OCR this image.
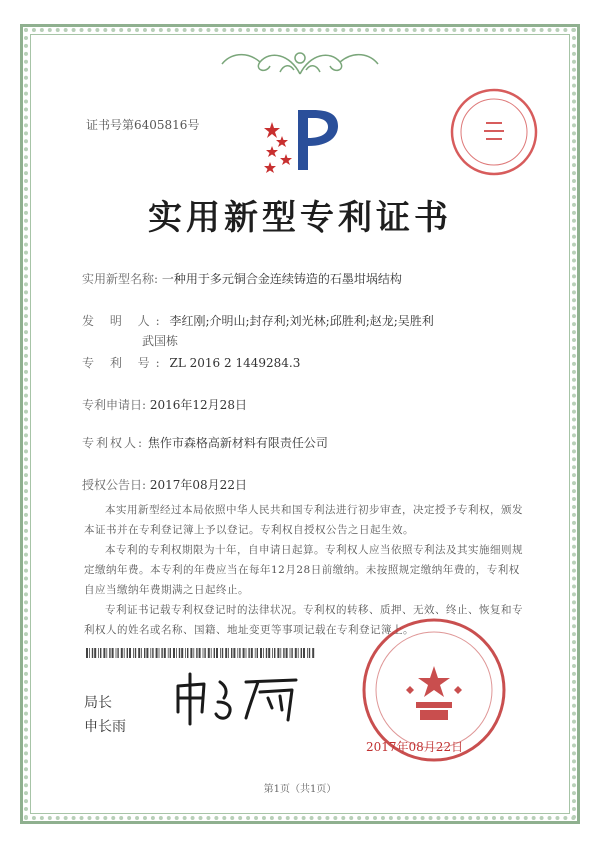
证书号第6405816号
实用新型专利证书
实用新型名称: 一种用于多元铜合金连续铸造的石墨坩埚结构
发 明 人: 李红刚;介明山;封存利;刘光林;邱胜利;赵龙;吴胜利
武国栋
专 利 号: ZL 2016 2 1449284.3
专利申请日: 2016年12月28日
专利权人: 焦作市森格高新材料有限责任公司
授权公告日: 2017年08月22日

本实用新型经过本局依照中华人民共和国专利法进行初步审查，决定授予专利权，颁发本证书并在专利登记簿上予以登记。专利权自授权公告之日起生效。

本专利的专利权期限为十年，自申请日起算。专利权人应当依照专利法及其实施细则规定缴纳年费。本专利的年费应当在每年12月28日前缴纳。未按照规定缴纳年费的，专利权自应当缴纳年费期满之日起终止。

专利证书记载专利权登记时的法律状况。专利权的转移、质押、无效、终止、恢复和专利权人的姓名或名称、国籍、地址变更等事项记载在专利登记簿上。

局长
申长雨
2017年08月22日
第1页（共1页）
